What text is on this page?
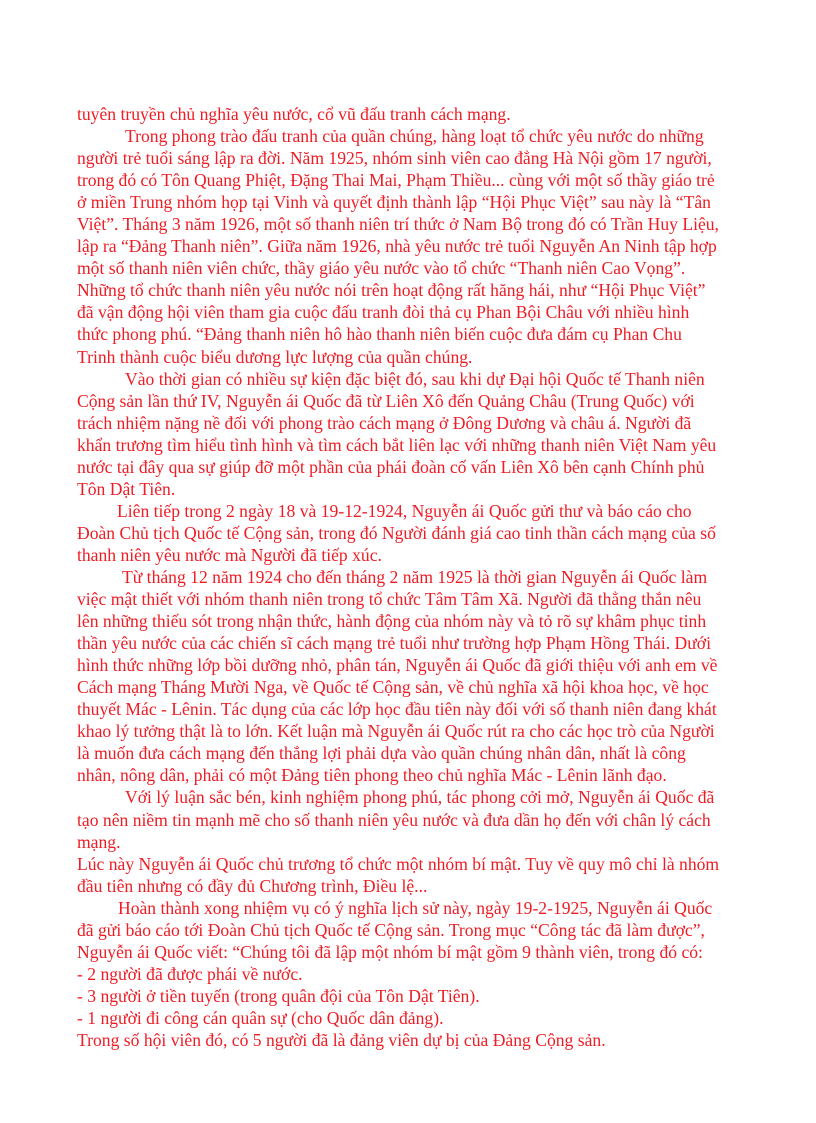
tuyên truyền chủ nghĩa yêu nước, cổ vũ đấu tranh cách mạng.
Trong phong trào đấu tranh của quần chúng, hàng loạt tổ chức yêu nước do những
người trẻ tuổi sáng lập ra đời. Năm 1925, nhóm sinh viên cao đẳng Hà Nội gồm 17 người,
trong đó có Tôn Quang Phiệt, Đặng Thai Mai, Phạm Thiều... cùng với một số thầy giáo trẻ
ở miền Trung nhóm họp tại Vinh và quyết định thành lập “Hội Phục Việt” sau này là “Tân
Việt”. Tháng 3 năm 1926, một số thanh niên trí thức ở Nam Bộ trong đó có Trần Huy Liệu,
lập ra “Đảng Thanh niên”. Giữa năm 1926, nhà yêu nước trẻ tuổi Nguyễn An Ninh tập hợp
một số thanh niên viên chức, thầy giáo yêu nước vào tổ chức “Thanh niên Cao Vọng”.
Những tổ chức thanh niên yêu nước nói trên hoạt động rất hăng hái, như “Hội Phục Việt”
đã vận động hội viên tham gia cuộc đấu tranh đòi thả cụ Phan Bội Châu với nhiều hình
thức phong phú. “Đảng thanh niên hô hào thanh niên biến cuộc đưa đám cụ Phan Chu
Trinh thành cuộc biểu dương lực lượng của quần chúng.
Vào thời gian có nhiều sự kiện đặc biệt đó, sau khi dự Đại hội Quốc tế Thanh niên
Cộng sản lần thứ IV, Nguyễn ái Quốc đã từ Liên Xô đến Quảng Châu (Trung Quốc) với
trách nhiệm nặng nề đối với phong trào cách mạng ở Đông Dương và châu á. Người đã
khẩn trương tìm hiểu tình hình và tìm cách bắt liên lạc với những thanh niên Việt Nam yêu
nước tại đây qua sự giúp đỡ một phần của phái đoàn cố vấn Liên Xô bên cạnh Chính phủ
Tôn Dật Tiên.
Liên tiếp trong 2 ngày 18 và 19-12-1924, Nguyễn ái Quốc gửi thư và báo cáo cho
Đoàn Chủ tịch Quốc tế Cộng sản, trong đó Người đánh giá cao tinh thần cách mạng của số
thanh niên yêu nước mà Người đã tiếp xúc.
Từ tháng 12 năm 1924 cho đến tháng 2 năm 1925 là thời gian Nguyễn ái Quốc làm
việc mật thiết với nhóm thanh niên trong tổ chức Tâm Tâm Xã. Người đã thẳng thắn nêu
lên những thiếu sót trong nhận thức, hành động của nhóm này và tỏ rõ sự khâm phục tinh
thần yêu nước của các chiến sĩ cách mạng trẻ tuổi như trường hợp Phạm Hồng Thái. Dưới
hình thức những lớp bồi dưỡng nhỏ, phân tán, Nguyễn ái Quốc đã giới thiệu với anh em về
Cách mạng Tháng Mười Nga, về Quốc tế Cộng sản, về chủ nghĩa xã hội khoa học, về học
thuyết Mác - Lênin. Tác dụng của các lớp học đầu tiên này đối với số thanh niên đang khát
khao lý tưởng thật là to lớn. Kết luận mà Nguyễn ái Quốc rút ra cho các học trò của Người
là muốn đưa cách mạng đến thắng lợi phải dựa vào quần chúng nhân dân, nhất là công
nhân, nông dân, phải có một Đảng tiên phong theo chủ nghĩa Mác - Lênin lãnh đạo.
Với lý luận sắc bén, kinh nghiệm phong phú, tác phong cởi mở, Nguyễn ái Quốc đã
tạo nên niềm tin mạnh mẽ cho số thanh niên yêu nước và đưa dần họ đến với chân lý cách
mạng.
Lúc này Nguyễn ái Quốc chủ trương tổ chức một nhóm bí mật. Tuy về quy mô chỉ là nhóm
đầu tiên nhưng có đầy đủ Chương trình, Điều lệ...
Hoàn thành xong nhiệm vụ có ý nghĩa lịch sử này, ngày 19-2-1925, Nguyễn ái Quốc
đã gửi báo cáo tới Đoàn Chủ tịch Quốc tế Cộng sản. Trong mục “Công tác đã làm được”,
Nguyễn ái Quốc viết: “Chúng tôi đã lập một nhóm bí mật gồm 9 thành viên, trong đó có:
- 2 người đã được phái về nước.
- 3 người ở tiền tuyến (trong quân đội của Tôn Dật Tiên).
- 1 người đi công cán quân sự (cho Quốc dân đảng).
Trong số hội viên đó, có 5 người đã là đảng viên dự bị của Đảng Cộng sản.
